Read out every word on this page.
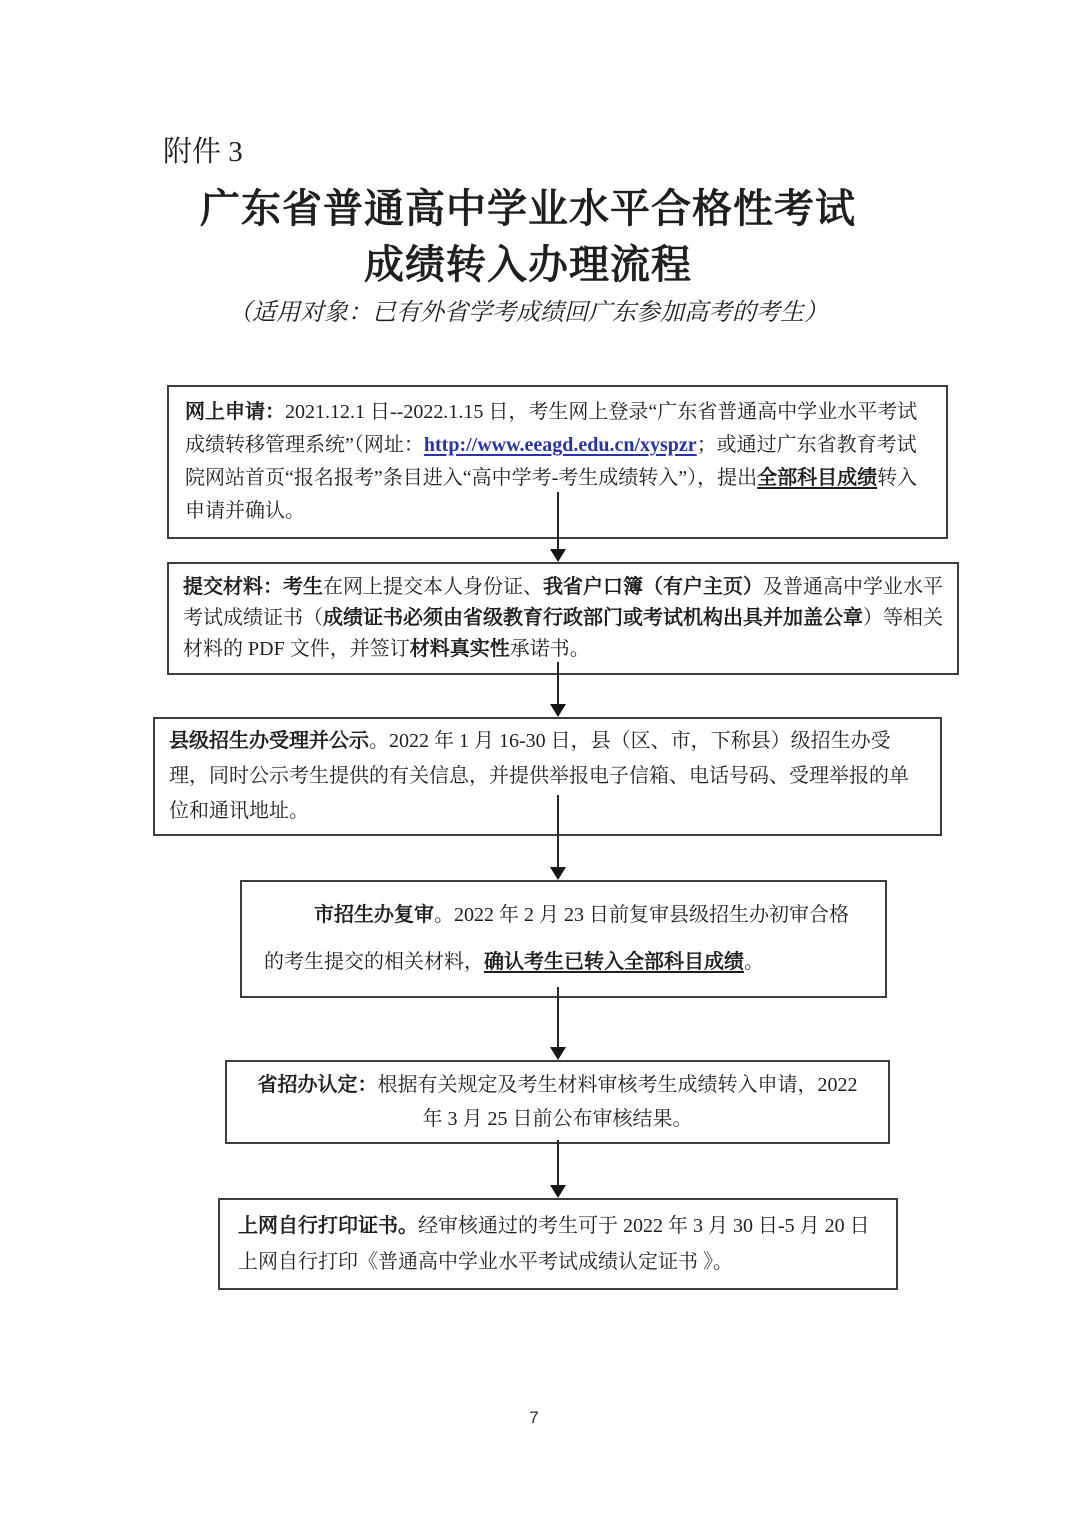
附件 3
广东省普通高中学业水平合格性考试
成绩转入办理流程
（适用对象：已有外省学考成绩回广东参加高考的考生）
网上申请：2021.12.1 日--2022.1.15 日，考生网上登录“广东省普通高中学业水平考试成绩转移管理系统”（网址：http://www.eeagd.edu.cn/xyspzr；或通过广东省教育考试院网站首页“报名报考”条目进入“高中学考-考生成绩转入”），提出全部科目成绩转入申请并确认。
提交材料：考生在网上提交本人身份证、我省户口簿（有户主页）及普通高中学业水平考试成绩证书（成绩证书必须由省级教育行政部门或考试机构出具并加盖公章）等相关材料的 PDF 文件，并签订材料真实性承诺书。
县级招生办受理并公示。2022 年 1 月 16-30 日，县（区、市，下称县）级招生办受理，同时公示考生提供的有关信息，并提供举报电子信箱、电话号码、受理举报的单位和通讯地址。
市招生办复审。2022 年 2 月 23 日前复审县级招生办初审合格的考生提交的相关材料，确认考生已转入全部科目成绩。
省招办认定：根据有关规定及考生材料审核考生成绩转入申请，2022 年 3 月 25 日前公布审核结果。
上网自行打印证书。经审核通过的考生可于 2022 年 3 月 30 日-5 月 20 日上网自行打印《普通高中学业水平考试成绩认定证书 》。
7
